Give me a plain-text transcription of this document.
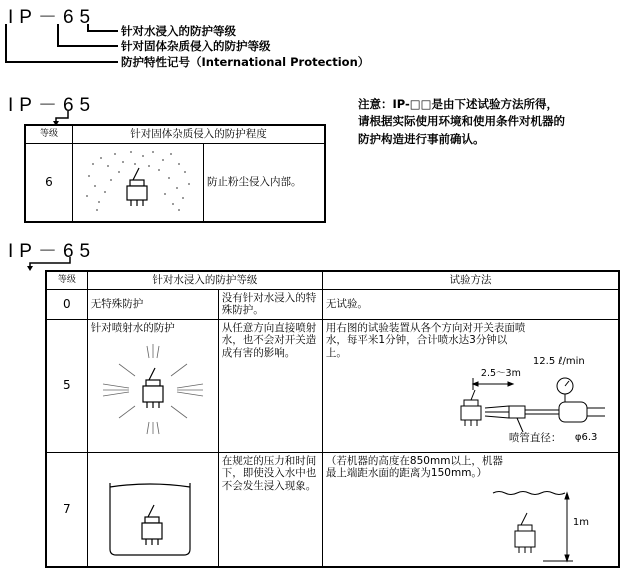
IP－65
针对水浸入的防护等级
针对固体杂质侵入的防护等级
防护特性记号（International Protection）
注意：IP-□□是由下述试验方法所得，
请根据实际使用环境和使用条件对机器的
防护构造进行事前确认。
IP－65
等级	针对固体杂质侵入的防护程度	
6		防止粉尘侵入内部。
IP－65
等级	针对水浸入的防护等级		试验方法
0	无特殊防护	没有针对水浸入的特殊防护。	无试验。
5	针对喷射水的防护	从任意方向直接喷射水，也不会对开关造成有害的影响。	用右图的试验装置从各个方向对开关表面喷水，每平米1分钟，合计喷水达3分钟以上。
12.5 ℓ/min
2.5～3m
喷管直径： φ6.3

7		在规定的压力和时间下，即使没入水中也不会发生浸入现象。	（若机器的高度在850mm以上，机器最上端距水面的距离为150mm。）
1m
